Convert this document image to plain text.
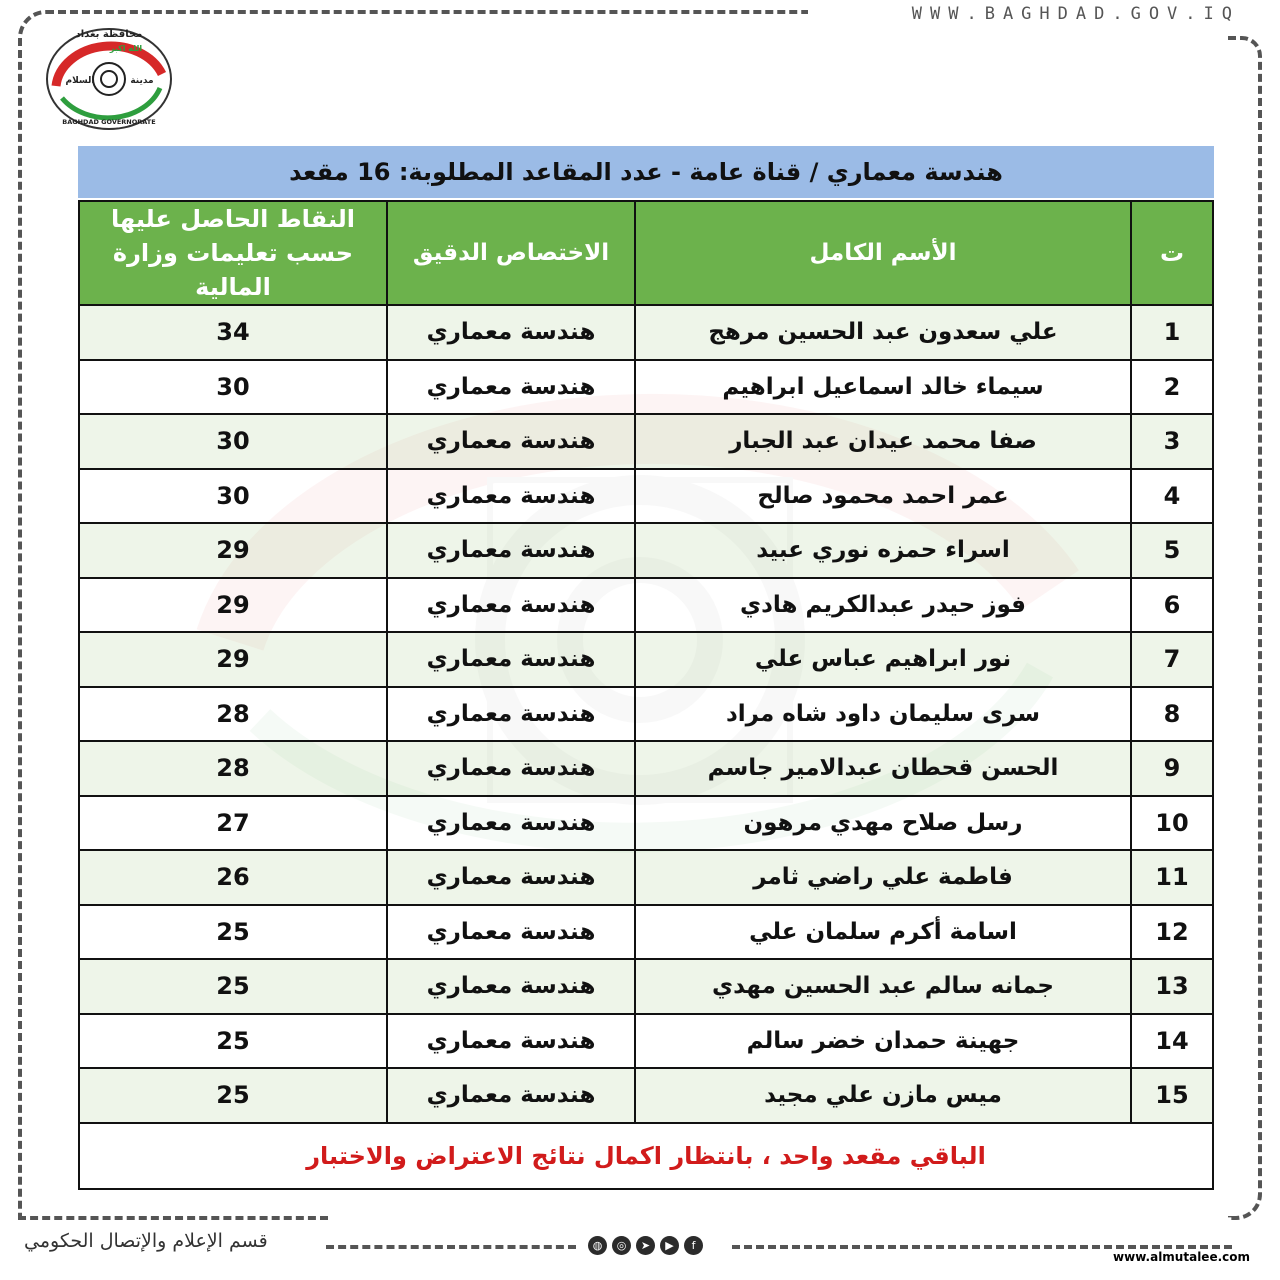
WWW.BAGHDAD.GOV.IQ
محافظة بغداد
الله اكبر
السلام	مدينة
BAGHDAD GOVERNORATE
هندسة معماري / قناة عامة - عدد المقاعد المطلوبة: 16 مقعد
ت	الأسم الكامل	الاختصاص الدقيق	النقاط الحاصل عليها حسب تعليمات وزارة المالية
1	علي سعدون عبد الحسين مرهج	هندسة معماري	34
2	سيماء خالد اسماعيل ابراهيم	هندسة معماري	30
3	صفا محمد عيدان عبد الجبار	هندسة معماري	30
4	عمر احمد محمود صالح	هندسة معماري	30
5	اسراء حمزه نوري عبيد	هندسة معماري	29
6	فوز حيدر عبدالكريم هادي	هندسة معماري	29
7	نور ابراهيم عباس علي	هندسة معماري	29
8	سرى سليمان داود شاه مراد	هندسة معماري	28
9	الحسن قحطان عبدالامير جاسم	هندسة معماري	28
10	رسل صلاح مهدي مرهون	هندسة معماري	27
11	فاطمة علي راضي ثامر	هندسة معماري	26
12	اسامة أكرم سلمان علي	هندسة معماري	25
13	جمانه سالم عبد الحسين مهدي	هندسة معماري	25
14	جهينة حمدان خضر سالم	هندسة معماري	25
15	ميس مازن علي مجيد	هندسة معماري	25
الباقي مقعد واحد ، بانتظار اكمال نتائج الاعتراض والاختبار			
قسم الإعلام والإتصال الحكومي	◍	◎	➤	▶	f
www.almutalee.com
